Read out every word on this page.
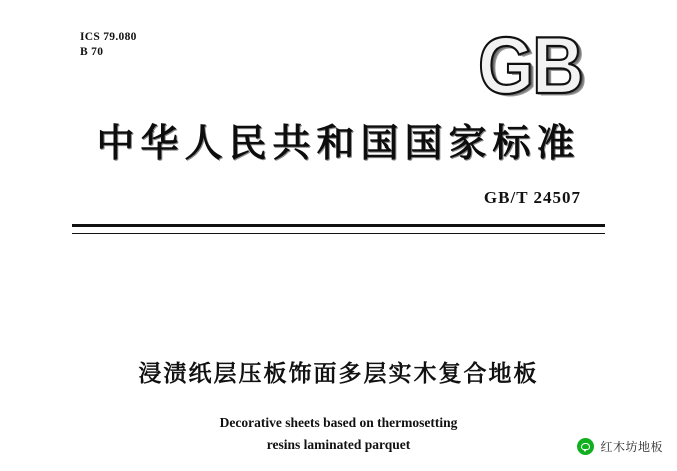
ICS 79.080
B 70	GB
中华人民共和国国家标准
GB/T 24507
浸渍纸层压板饰面多层实木复合地板
Decorative sheets based on thermosetting
resins laminated parquet	红木坊地板
